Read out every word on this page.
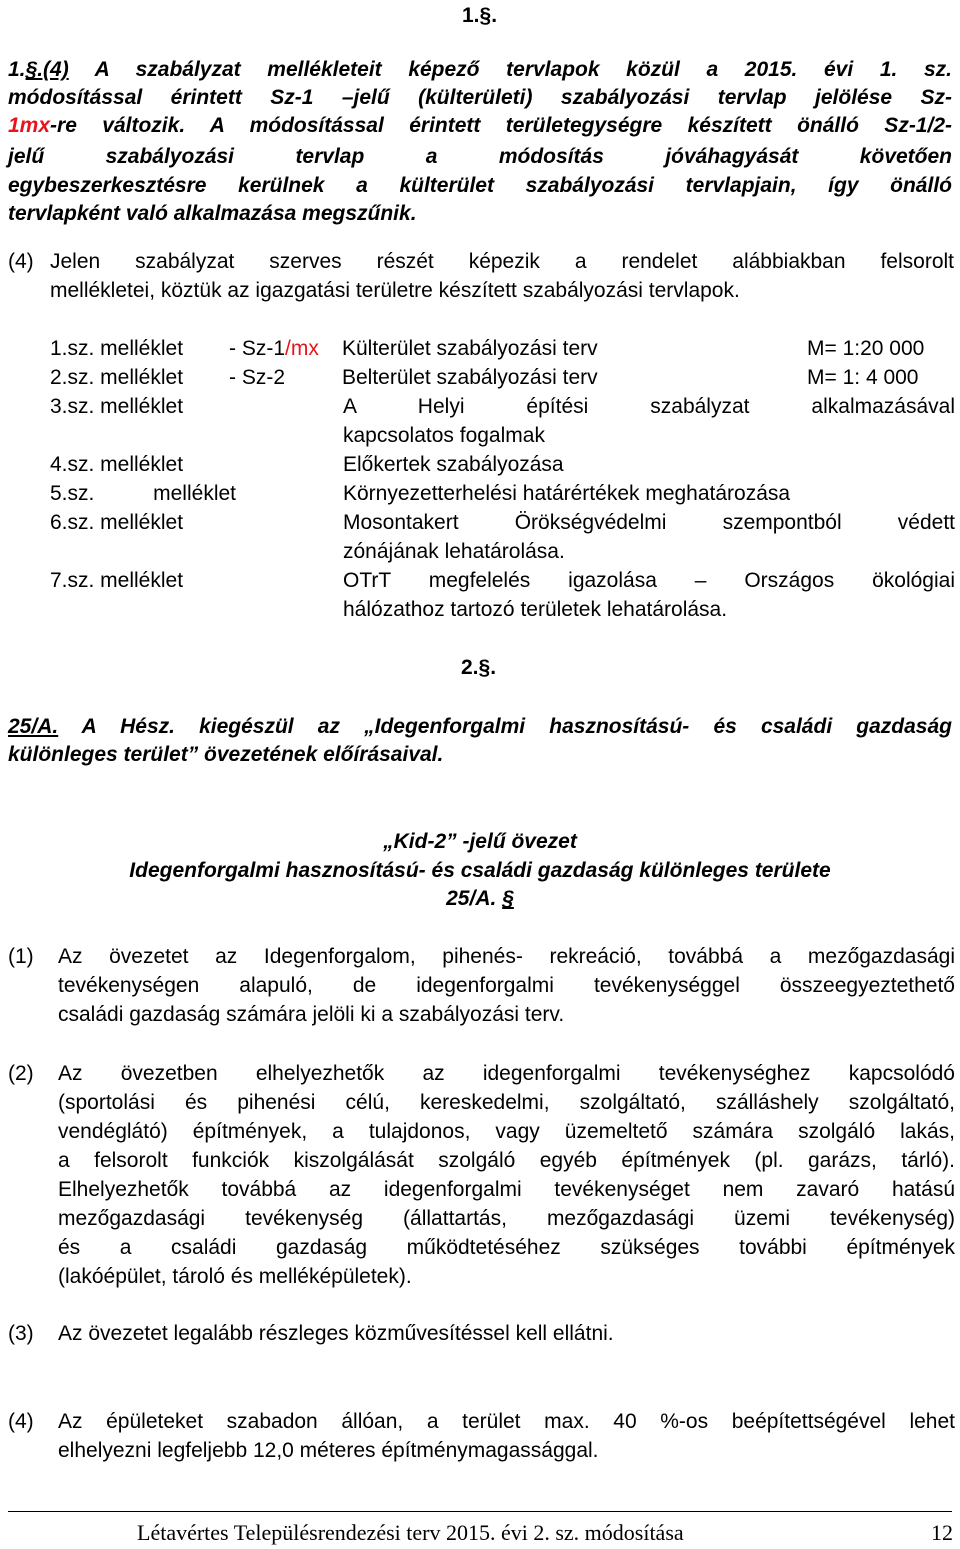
1.§.
1.§.(4) A szabályzat mellékleteit képező tervlapok közül a 2015. évi 1. sz.
módosítással érintett Sz-1 –jelű (külterületi) szabályozási tervlap jelölése Sz-
1mx-re változik. A módosítással érintett területegységre készített önálló Sz-1/2-
jelű szabályozási tervlap a módosítás jóváhagyását követően
egybeszerkesztésre kerülnek a külterület szabályozási tervlapjain, így önálló
tervlapként való alkalmazása megszűnik.
(4) Jelen szabályzat szerves részét képezik a rendelet alábbiakban felsorolt
mellékletei, köztük az igazgatási területre készített szabályozási tervlapok.
1.sz. melléklet - Sz-1/mx Külterület szabályozási terv	M= 1:20 000
2.sz. melléklet - Sz-2	Belterület szabályozási terv	M= 1: 4 000
3.sz. melléklet	A Helyi építési szabályzat alkalmazásával
kapcsolatos fogalmak
4.sz. melléklet	Előkertek szabályozása
5.sz. melléklet	Környezetterhelési határértékek meghatározása
6.sz. melléklet	Mosontakert Örökségvédelmi szempontból védett
zónájának lehatárolása.
7.sz. melléklet	OTrT megfelelés igazolása – Országos ökológiai
hálózathoz tartozó területek lehatárolása.
2.§.
25/A. A Hész. kiegészül az „Idegenforgalmi hasznosítású- és családi gazdaság
különleges terület” övezetének előírásaival.
„Kid-2” -jelű övezet
Idegenforgalmi hasznosítású- és családi gazdaság különleges területe
25/A. §
(1) Az övezetet az Idegenforgalom, pihenés- rekreáció, továbbá a mezőgazdasági
tevékenységen alapuló, de idegenforgalmi tevékenységgel összeegyeztethető
családi gazdaság számára jelöli ki a szabályozási terv.
(2) Az övezetben elhelyezhetők az idegenforgalmi tevékenységhez kapcsolódó
(sportolási és pihenési célú, kereskedelmi, szolgáltató, szálláshely szolgáltató,
vendéglátó) építmények, a tulajdonos, vagy üzemeltető számára szolgáló lakás,
a felsorolt funkciók kiszolgálását szolgáló egyéb építmények (pl. garázs, tárló).
Elhelyezhetők továbbá az idegenforgalmi tevékenységet nem zavaró hatású
mezőgazdasági tevékenység (állattartás, mezőgazdasági üzemi tevékenység)
és a családi gazdaság működtetéséhez szükséges további építmények
(lakóépület, tároló és melléképületek).
(3) Az övezetet legalább részleges közművesítéssel kell ellátni.
(4) Az épületeket szabadon állóan, a terület max. 40 %-os beépítettségével lehet
elhelyezni legfeljebb 12,0 méteres építménymagassággal.
Létavértes Településrendezési terv 2015. évi 2. sz. módosítása	12
